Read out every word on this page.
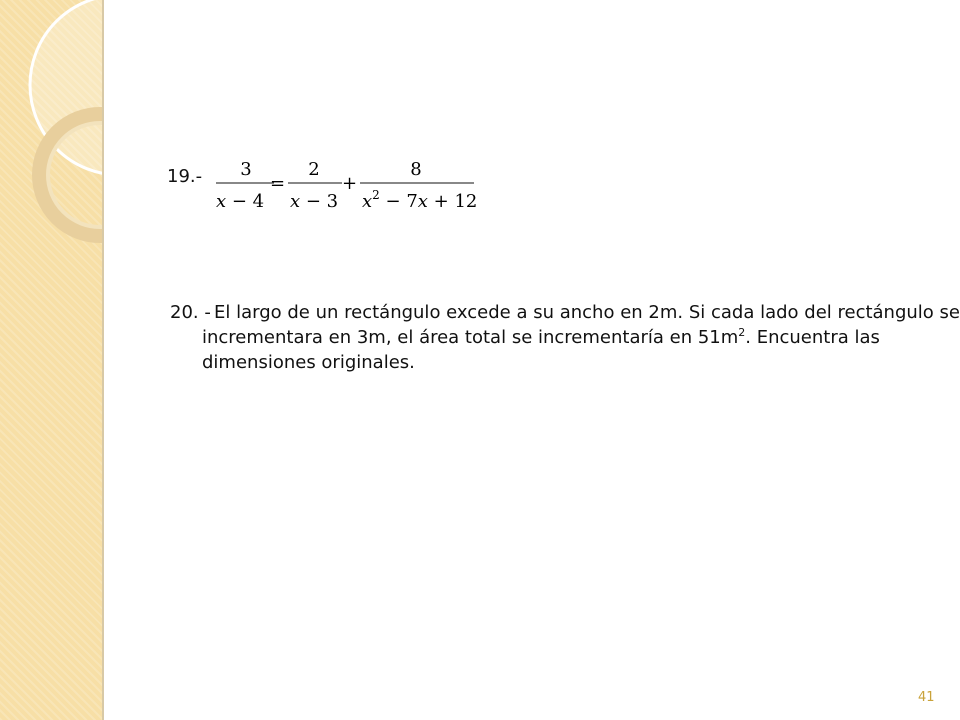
19.- 3
x − 4
=
2
x − 3
+
8
$x^2 - 7x + 12$
20. - El largo de un rectángulo excede a su ancho en 2m. Si cada lado del rectángulo se
incrementara en 3m, el área total se incrementaría en $51m^2$. Encuentra las
dimensiones originales.
41
